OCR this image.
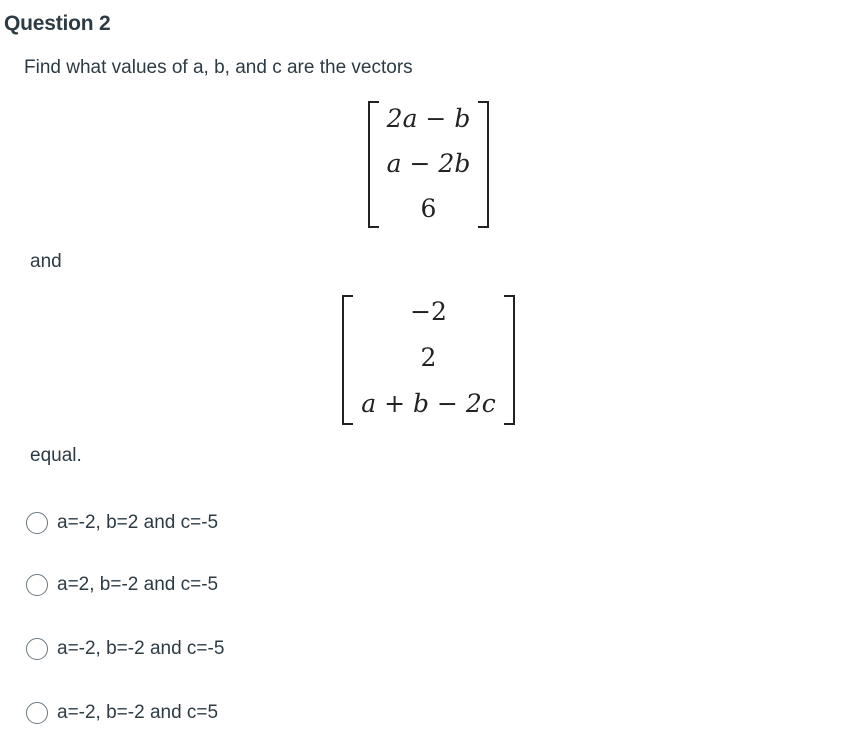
Question 2
Find what values of a, b, and c are the vectors
2a − b
a − 2b
6
and
−2
2
a + b − 2c
equal.
a=-2, b=2 and c=-5
a=2, b=-2 and c=-5
a=-2, b=-2 and c=-5
a=-2, b=-2 and c=5
